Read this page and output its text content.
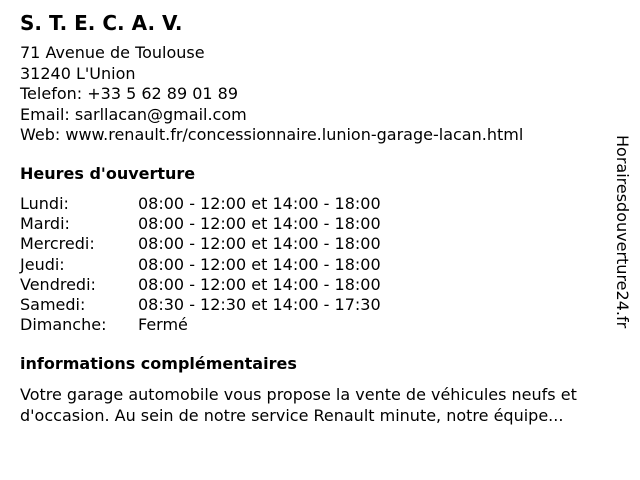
S. T. E. C. A. V.
71 Avenue de Toulouse
31240 L'Union
Telefon: +33 5 62 89 01 89
Email: sarllacan@gmail.com
Web: www.renault.fr/concessionnaire.lunion-garage-lacan.html
Heures d'ouverture
Lundi:	08:00 - 12:00 et 14:00 - 18:00
Mardi:	08:00 - 12:00 et 14:00 - 18:00
Mercredi:	08:00 - 12:00 et 14:00 - 18:00
Jeudi:	08:00 - 12:00 et 14:00 - 18:00
Vendredi:	08:00 - 12:00 et 14:00 - 18:00
Samedi:	08:30 - 12:30 et 14:00 - 17:30
Dimanche:	Fermé
informations complémentaires
Votre garage automobile vous propose la vente de véhicules neufs et d'occasion. Au sein de notre service Renault minute, notre équipe...
Horairesdouverture24.fr
